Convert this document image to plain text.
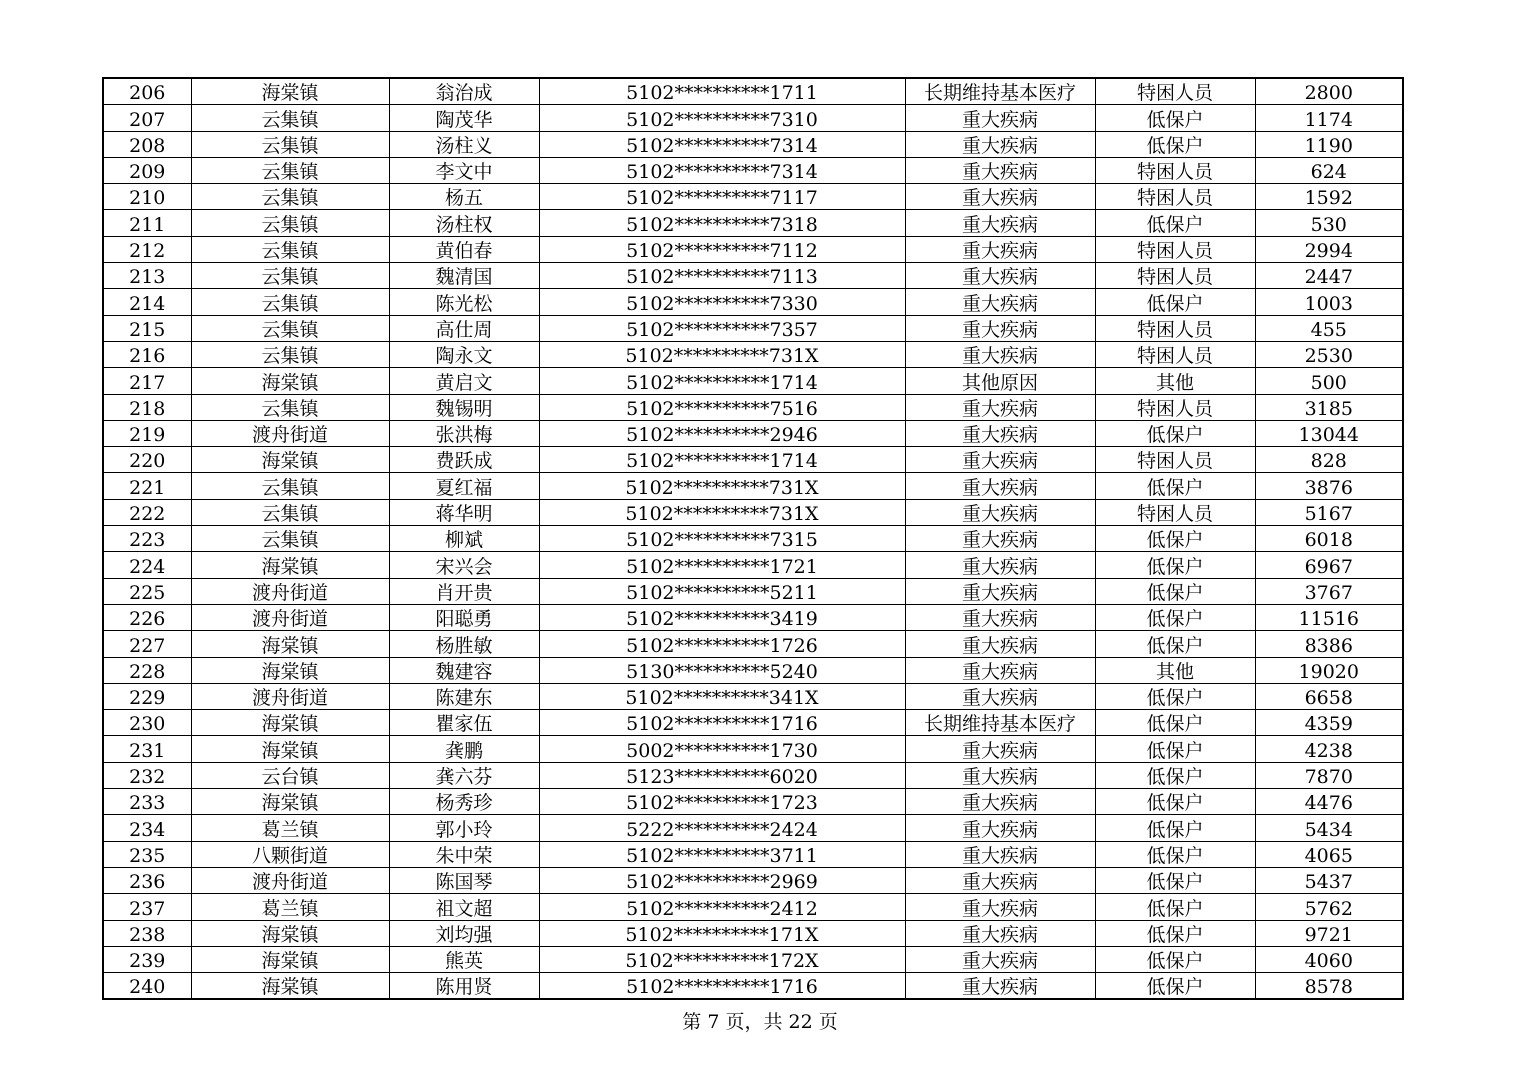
206	海棠镇	翁治成	5102**********1711	长期维持基本医疗	特困人员	2800
207	云集镇	陶茂华	5102**********7310	重大疾病	低保户	1174
208	云集镇	汤柱义	5102**********7314	重大疾病	低保户	1190
209	云集镇	李文中	5102**********7314	重大疾病	特困人员	624
210	云集镇	杨五	5102**********7117	重大疾病	特困人员	1592
211	云集镇	汤柱权	5102**********7318	重大疾病	低保户	530
212	云集镇	黄伯春	5102**********7112	重大疾病	特困人员	2994
213	云集镇	魏清国	5102**********7113	重大疾病	特困人员	2447
214	云集镇	陈光松	5102**********7330	重大疾病	低保户	1003
215	云集镇	高仕周	5102**********7357	重大疾病	特困人员	455
216	云集镇	陶永文	5102**********731X	重大疾病	特困人员	2530
217	海棠镇	黄启文	5102**********1714	其他原因	其他	500
218	云集镇	魏锡明	5102**********7516	重大疾病	特困人员	3185
219	渡舟街道	张洪梅	5102**********2946	重大疾病	低保户	13044
220	海棠镇	费跃成	5102**********1714	重大疾病	特困人员	828
221	云集镇	夏红福	5102**********731X	重大疾病	低保户	3876
222	云集镇	蒋华明	5102**********731X	重大疾病	特困人员	5167
223	云集镇	柳斌	5102**********7315	重大疾病	低保户	6018
224	海棠镇	宋兴会	5102**********1721	重大疾病	低保户	6967
225	渡舟街道	肖开贵	5102**********5211	重大疾病	低保户	3767
226	渡舟街道	阳聪勇	5102**********3419	重大疾病	低保户	11516
227	海棠镇	杨胜敏	5102**********1726	重大疾病	低保户	8386
228	海棠镇	魏建容	5130**********5240	重大疾病	其他	19020
229	渡舟街道	陈建东	5102**********341X	重大疾病	低保户	6658
230	海棠镇	瞿家伍	5102**********1716	长期维持基本医疗	低保户	4359
231	海棠镇	龚鹏	5002**********1730	重大疾病	低保户	4238
232	云台镇	龚六芬	5123**********6020	重大疾病	低保户	7870
233	海棠镇	杨秀珍	5102**********1723	重大疾病	低保户	4476
234	葛兰镇	郭小玲	5222**********2424	重大疾病	低保户	5434
235	八颗街道	朱中荣	5102**********3711	重大疾病	低保户	4065
236	渡舟街道	陈国琴	5102**********2969	重大疾病	低保户	5437
237	葛兰镇	祖文超	5102**********2412	重大疾病	低保户	5762
238	海棠镇	刘均强	5102**********171X	重大疾病	低保户	9721
239	海棠镇	熊英	5102**********172X	重大疾病	低保户	4060
240	海棠镇	陈用贤	5102**********1716	重大疾病	低保户	8578
第 7 页，共 22 页
